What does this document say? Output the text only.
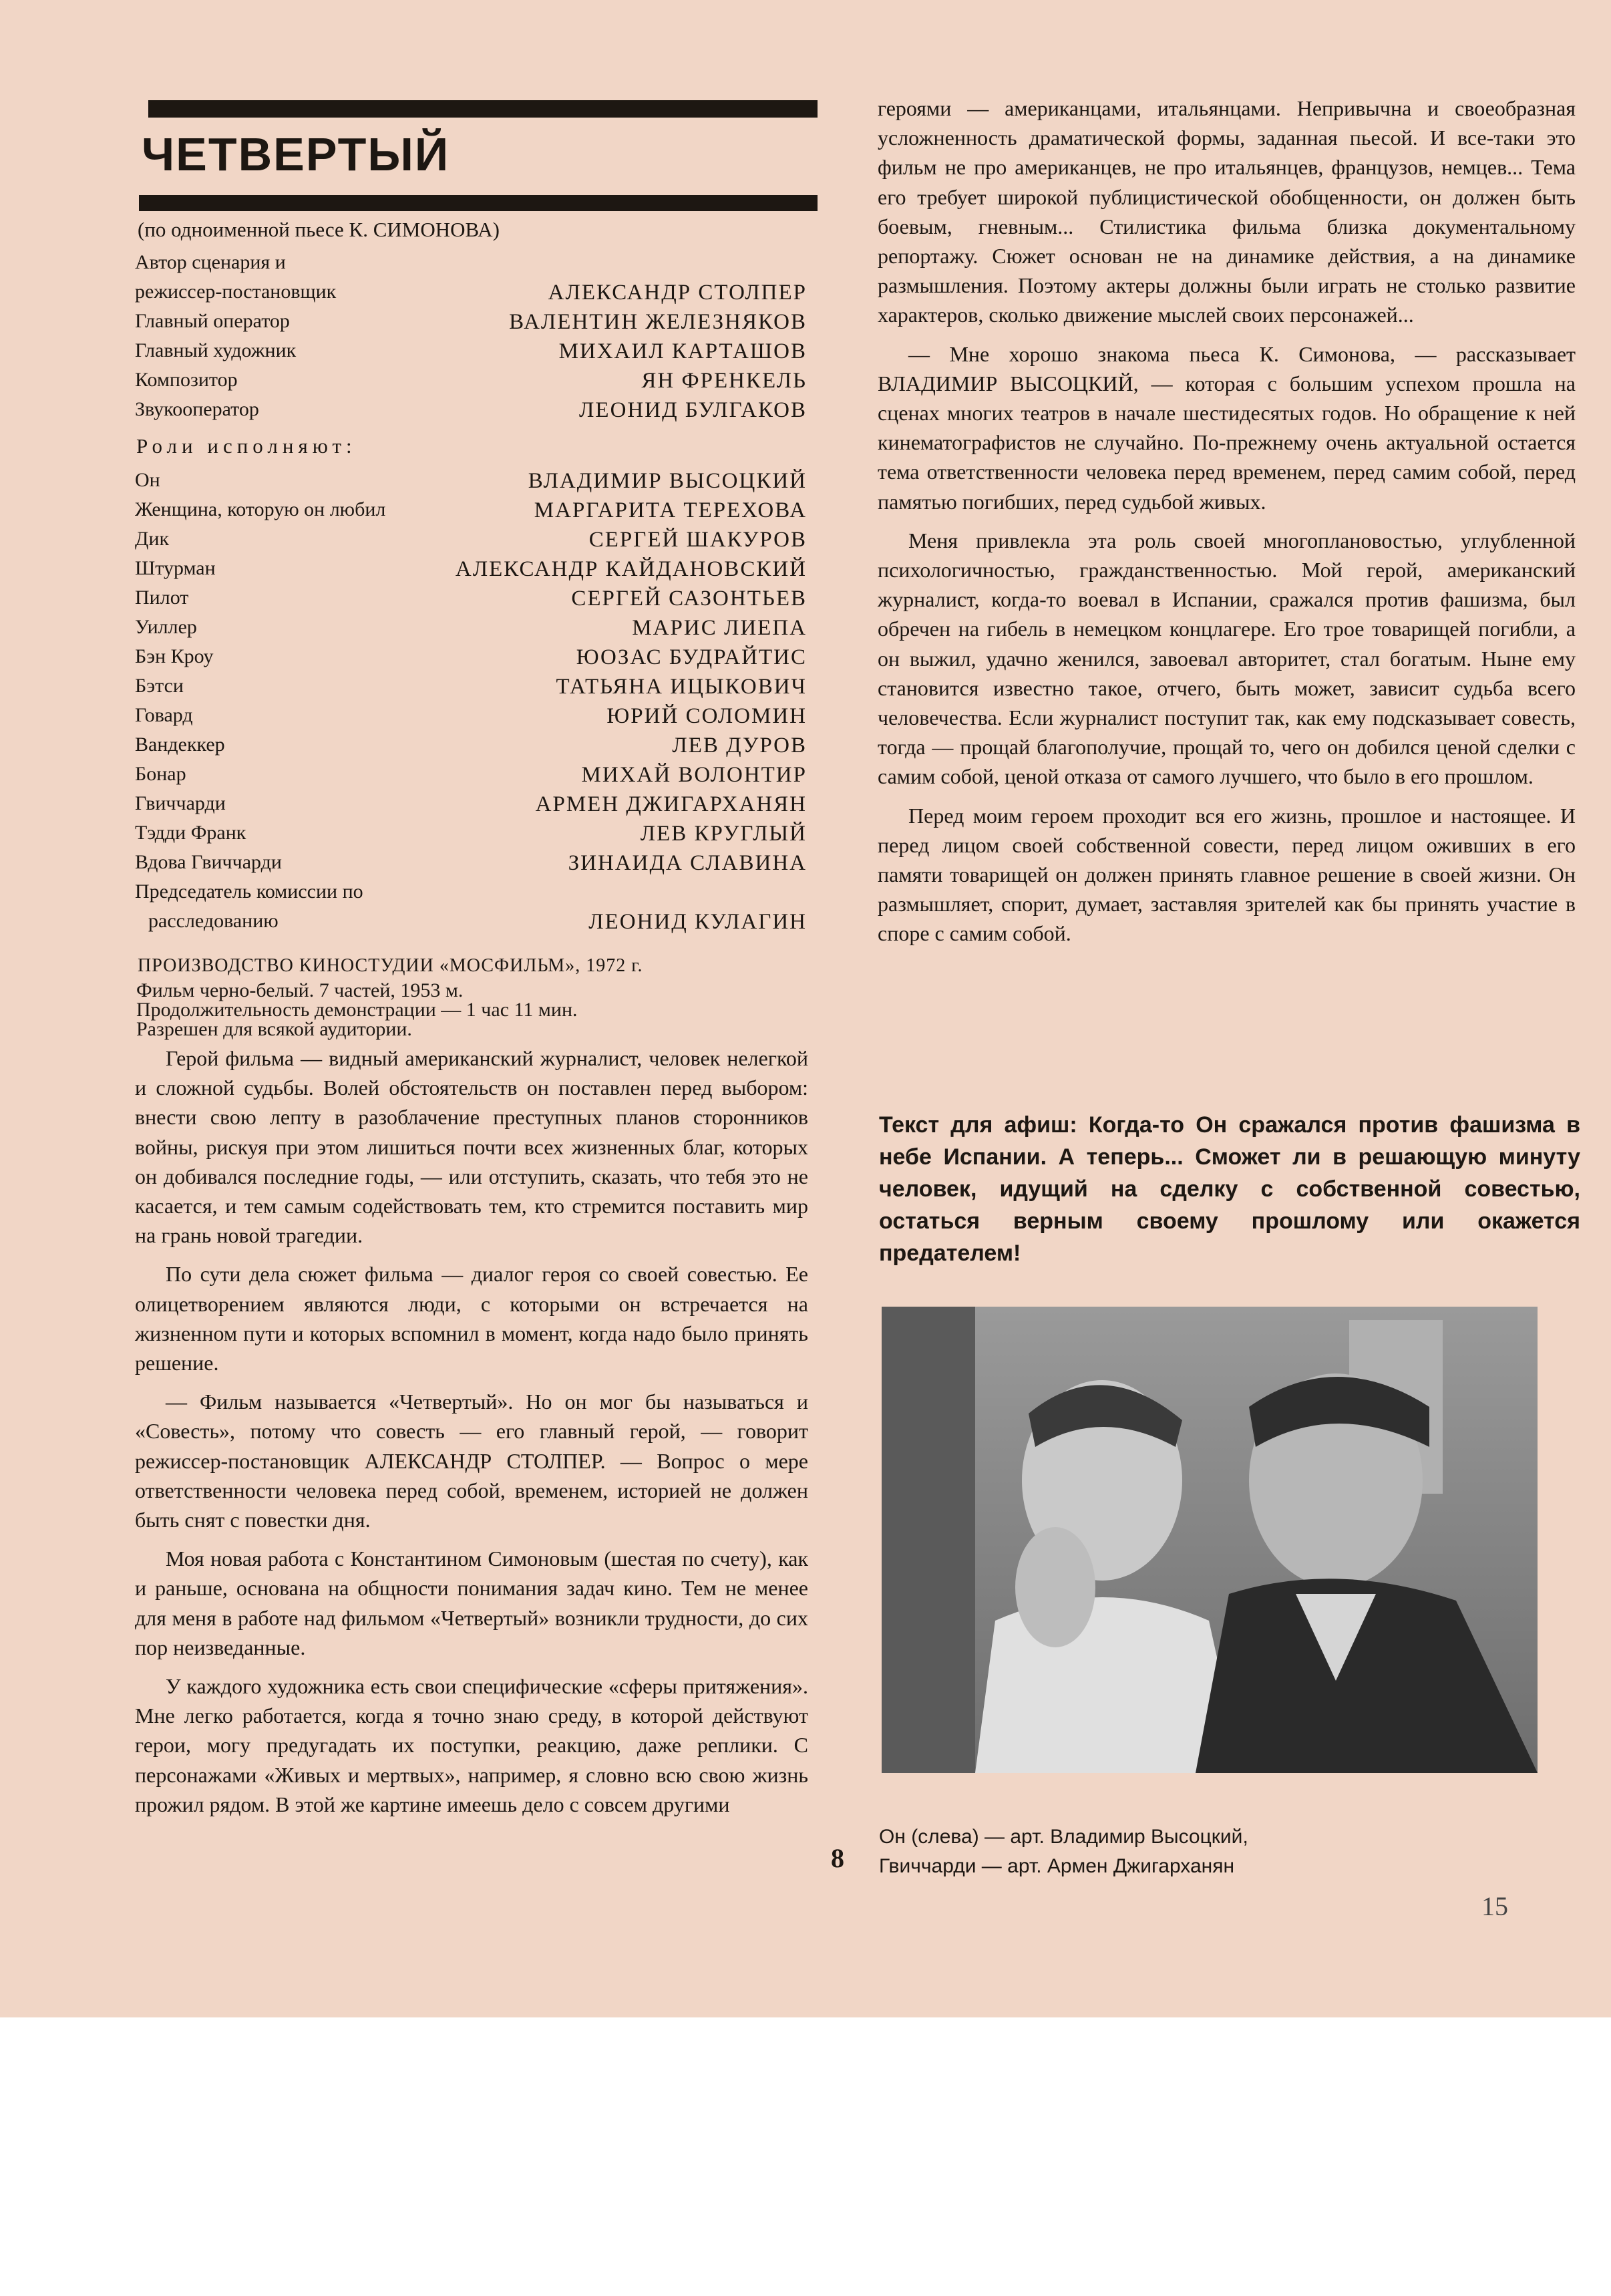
ЧЕТВЕРТЫЙ
(по одноименной пьесе К. СИМОНОВА)
Автор сценария и
режиссер-постановщик	АЛЕКСАНДР СТОЛПЕР
Главный оператор	ВАЛЕНТИН ЖЕЛЕЗНЯКОВ
Главный художник	МИХАИЛ КАРТАШОВ
Композитор	ЯН ФРЕНКЕЛЬ
Звукооператор	ЛЕОНИД БУЛГАКОВ
Роли исполняют:
Он	ВЛАДИМИР ВЫСОЦКИЙ
Женщина, которую он любил	МАРГАРИТА ТЕРЕХОВА
Дик	СЕРГЕЙ ШАКУРОВ
Штурман	АЛЕКСАНДР КАЙДАНОВСКИЙ
Пилот	СЕРГЕЙ САЗОНТЬЕВ
Уиллер	МАРИС ЛИЕПА
Бэн Кроу	ЮОЗАС БУДРАЙТИС
Бэтси	ТАТЬЯНА ИЦЫКОВИЧ
Говард	ЮРИЙ СОЛОМИН
Вандеккер	ЛЕВ ДУРОВ
Бонар	МИХАЙ ВОЛОНТИР
Гвиччарди	АРМЕН ДЖИГАРХАНЯН
Тэдди Франк	ЛЕВ КРУГЛЫЙ
Вдова Гвиччарди	ЗИНАИДА СЛАВИНА
Председатель комиссии по
расследованию	ЛЕОНИД КУЛАГИН
ПРОИЗВОДСТВО КИНОСТУДИИ «МОСФИЛЬМ», 1972 г.
Фильм черно-белый. 7 частей, 1953 м.
Продолжительность демонстрации — 1 час 11 мин.
Разрешен для всякой аудитории.

Герой фильма — видный американский журналист, человек нелегкой и сложной судьбы. Волей обстоятельств он поставлен перед выбором: внести свою лепту в разоблачение преступных планов сторонников войны, рискуя при этом лишиться почти всех жизненных благ, которых он добивался последние годы, — или отступить, сказать, что тебя это не касается, и тем самым содействовать тем, кто стремится поставить мир на грань новой трагедии.

По сути дела сюжет фильма — диалог героя со своей совестью. Ее олицетворением являются люди, с которыми он встречается на жизненном пути и которых вспомнил в момент, когда надо было принять решение.

— Фильм называется «Четвертый». Но он мог бы называться и «Совесть», потому что совесть — его главный герой, — говорит режиссер-постановщик АЛЕКСАНДР СТОЛПЕР. — Вопрос о мере ответственности человека перед собой, временем, историей не должен быть снят с повестки дня.

Моя новая работа с Константином Симоновым (шестая по счету), как и раньше, основана на общности понимания задач кино. Тем не менее для меня в работе над фильмом «Четвертый» возникли трудности, до сих пор неизведанные.

У каждого художника есть свои специфические «сферы притяжения». Мне легко работается, когда я точно знаю среду, в которой действуют герои, могу предугадать их поступки, реакцию, даже реплики. С персонажами «Живых и мертвых», например, я словно всю свою жизнь прожил рядом. В этой же картине имеешь дело с совсем другими

героями — американцами, итальянцами. Непривычна и своеобразная усложненность драматической формы, заданная пьесой. И все-таки это фильм не про американцев, не про итальянцев, французов, немцев... Тема его требует широкой публицистической обобщенности, он должен быть боевым, гневным... Стилистика фильма близка документальному репортажу. Сюжет основан не на динамике действия, а на динамике размышления. Поэтому актеры должны были играть не столько развитие характеров, сколько движение мыслей своих персонажей...

— Мне хорошо знакома пьеса К. Симонова, — рассказывает ВЛАДИМИР ВЫСОЦКИЙ, — которая с большим успехом прошла на сценах многих театров в начале шестидесятых годов. Но обращение к ней кинематографистов не случайно. По-прежнему очень актуальной остается тема ответственности человека перед временем, перед самим собой, перед памятью погибших, перед судьбой живых.

Меня привлекла эта роль своей многоплановостью, углубленной психологичностью, гражданственностью. Мой герой, американский журналист, когда-то воевал в Испании, сражался против фашизма, был обречен на гибель в немецком концлагере. Его трое товарищей погибли, а он выжил, удачно женился, завоевал авторитет, стал богатым. Ныне ему становится известно такое, отчего, быть может, зависит судьба всего человечества. Если журналист поступит так, как ему подсказывает совесть, тогда — прощай благополучие, прощай то, чего он добился ценой сделки с самим собой, ценой отказа от самого лучшего, что было в его прошлом.

Перед моим героем проходит вся его жизнь, прошлое и настоящее. И перед лицом своей собственной совести, перед лицом оживших в его памяти товарищей он должен принять главное решение в своей жизни. Он размышляет, спорит, думает, заставляя зрителей как бы принять участие в споре с самим собой.

Текст для афиш: Когда-то Он сражался против фашизма в небе Испании. А теперь... Сможет ли в решающую минуту человек, идущий на сделку с собственной совестью, остаться верным своему прошлому или окажется предателем!
Он (слева) — арт. Владимир Высоцкий,
Гвиччарди — арт. Армен Джигарханян
8
15
